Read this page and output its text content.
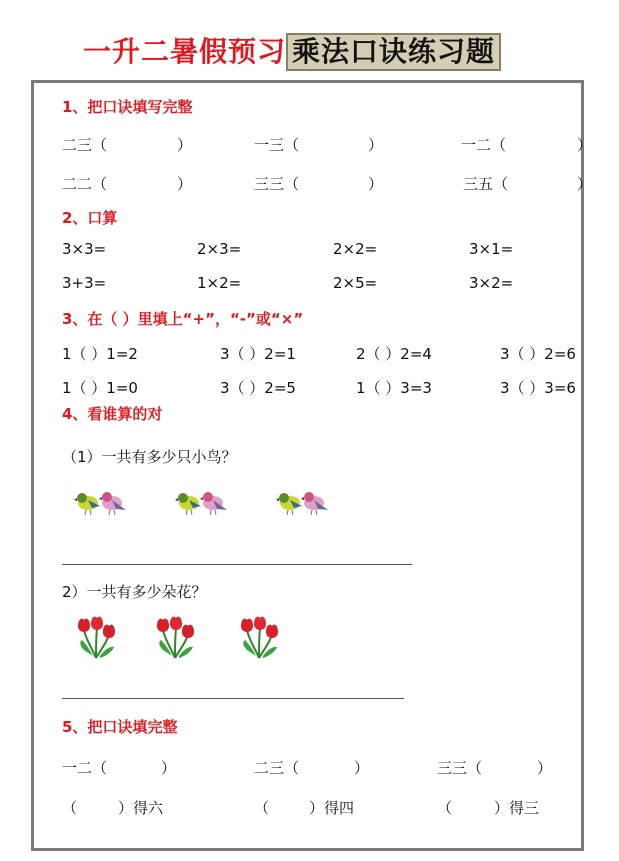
一升二暑假预习 乘法口诀练习题
1、把口诀填写完整
二三（	）	一三（	）	一二（	）
二二（	）	三三（	）	三五（	）
2、口算
3×3=	2×3=	2×2=	3×1=
3+3=	1×2=	2×5=	3×2=
3、在（ ）里填上“+”，“-”或“×”
1（ ）1=2	3（ ）2=1	2（ ）2=4	3（ ）2=6
1（ ）1=0	3（ ）2=5	1（ ）3=3	3（ ）3=6
4、看谁算的对
（1）一共有多少只小鸟？
2）一共有多少朵花？
5、把口诀填完整
一二（	）	二三（	）	三三（	）
（	）得六	（	）得四	（	）得三
